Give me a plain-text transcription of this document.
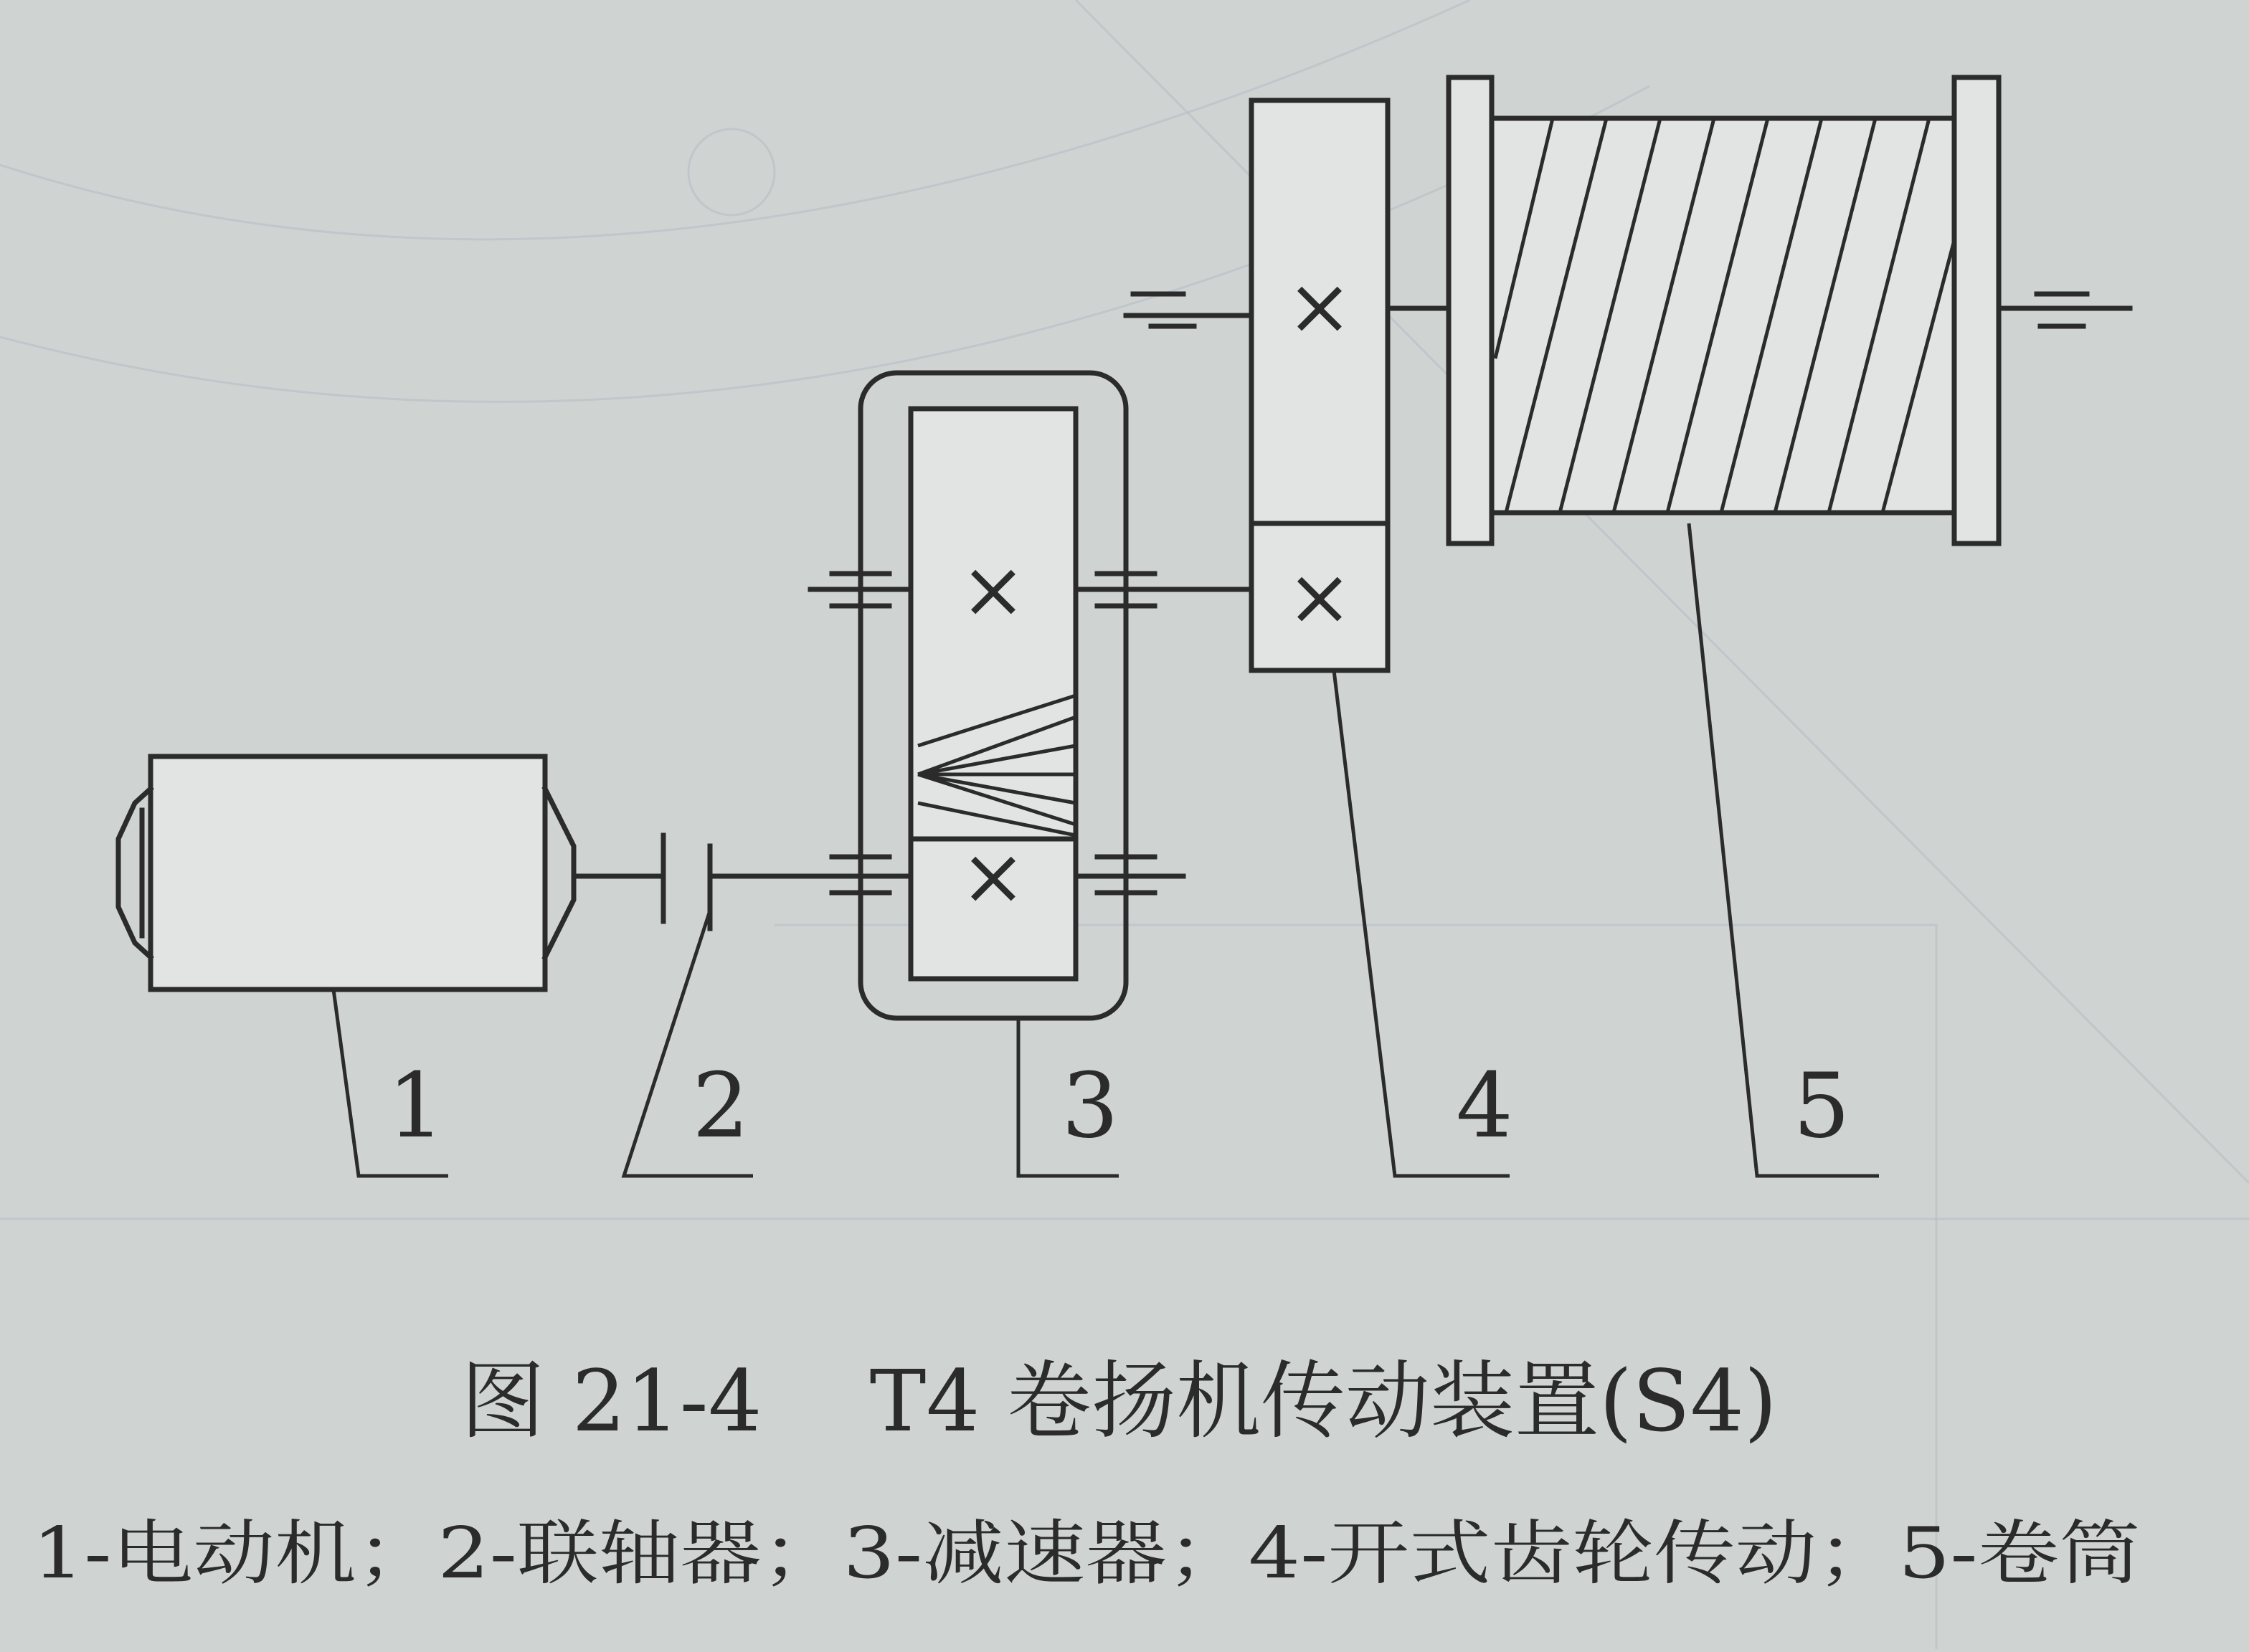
×
×
×
×
1	2	3	4	5
图 21-4    T4 卷扬机传动装置(S4)
1-电动机；2-联轴器；3-减速器；4-开式齿轮传动；5-卷筒
